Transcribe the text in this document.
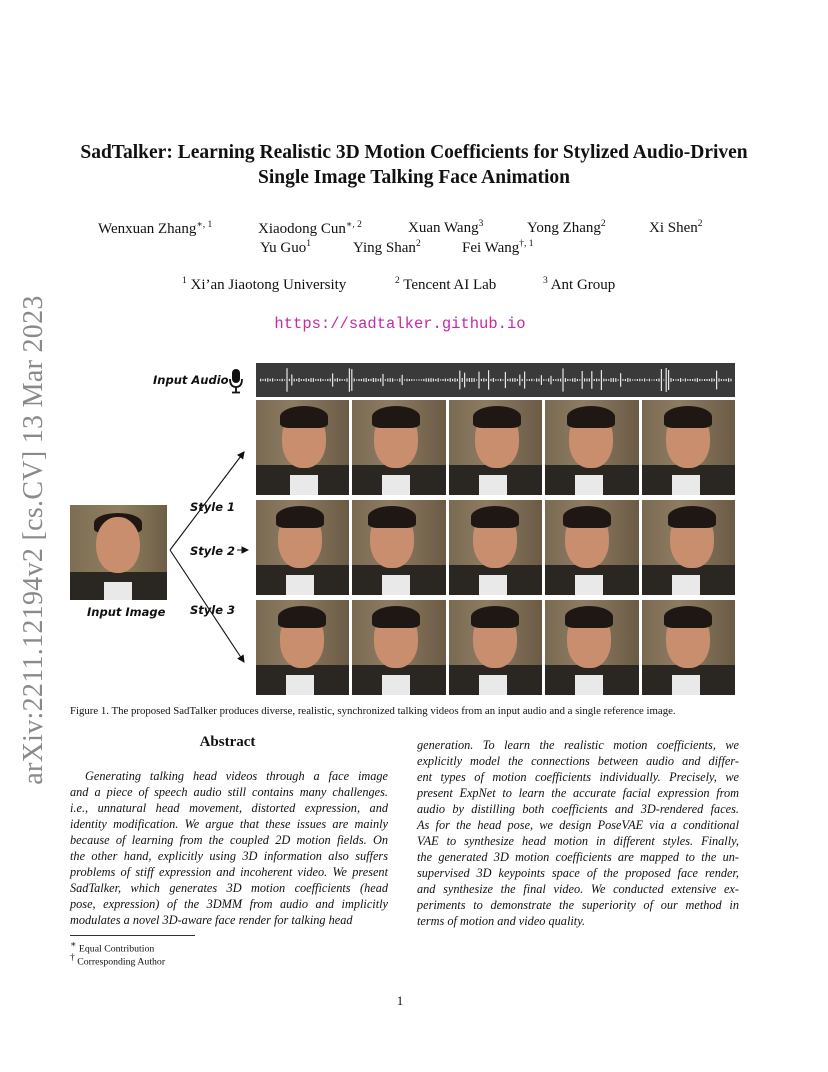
arXiv:2211.12194v2 [cs.CV] 13 Mar 2023
SadTalker: Learning Realistic 3D Motion Coefficients for Stylized Audio-Driven
Single Image Talking Face Animation
Wenxuan Zhang$^{∗, 1}$	Xiaodong Cun$^{∗, 2}$	Xuan Wang$^3$	Yong Zhang$^2$	Xi Shen$^2$
Yu Guo$^1$	Ying Shan$^2$	Fei Wang$^{\dagger, 1}$
$^1$ Xi’an Jiaotong University	$^2$ Tencent AI Lab	$^3$ Ant Group
https://sadtalker.github.io
Input Audio
Input Image
Style 1
Style 2
Style 3
Figure 1. The proposed SadTalker produces diverse, realistic, synchronized talking videos from an input audio and a single reference image.
Abstract

Generating talking head videos through a face image

and a piece of speech audio still contains many challenges.

i.e., unnatural head movement, distorted expression, and

identity modification. We argue that these issues are mainly

because of learning from the coupled 2D motion fields. On

the other hand, explicitly using 3D information also suffers

problems of stiff expression and incoherent video. We present

SadTalker, which generates 3D motion coefficients (head

pose, expression) of the 3DMM from audio and implicitly

modulates a novel 3D-aware face render for talking head

generation. To learn the realistic motion coefficients, we

explicitly model the connections between audio and differ-

ent types of motion coefficients individually. Precisely, we

present ExpNet to learn the accurate facial expression from

audio by distilling both coefficients and 3D-rendered faces.

As for the head pose, we design PoseVAE via a conditional

VAE to synthesize head motion in different styles. Finally,

the generated 3D motion coefficients are mapped to the un-

supervised 3D keypoints space of the proposed face render,

and synthesize the final video. We conducted extensive ex-

periments to demonstrate the superiority of our method in

terms of motion and video quality.

∗ Equal Contribution
† Corresponding Author
1
